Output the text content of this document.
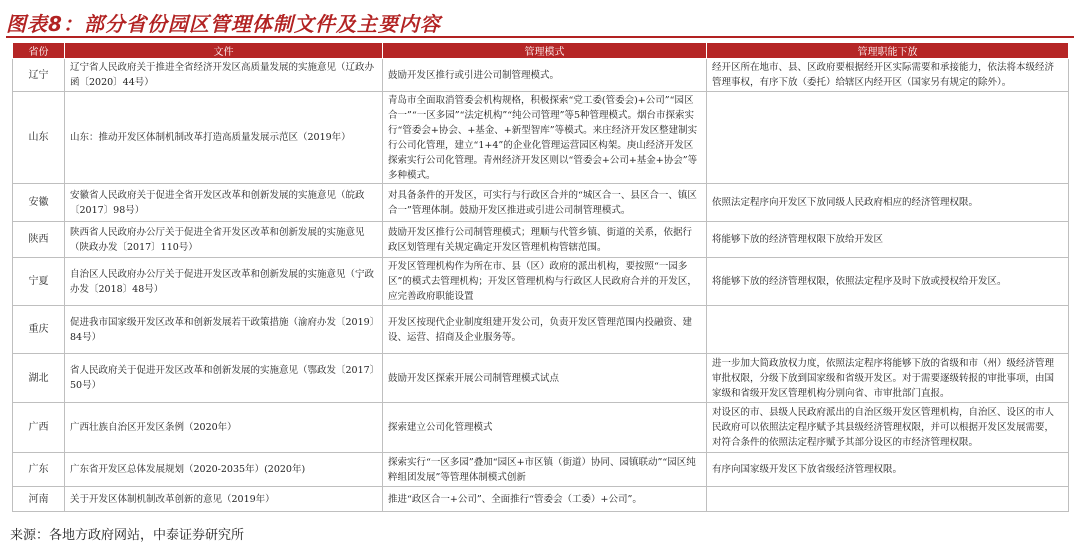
图表8：部分省份园区管理体制文件及主要内容
省份	文件	管理模式	管理职能下放
辽宁	辽宁省人民政府关于推进全省经济开发区高质量发展的实施意见（辽政办函〔2020〕44号）	鼓励开发区推行或引进公司制管理模式。	经开区所在地市、县、区政府要根据经开区实际需要和承接能力，依法将本级经济管理事权，有序下放（委托）给辖区内经开区（国家另有规定的除外）。
山东	山东：推动开发区体制机制改革打造高质量发展示范区（2019年）	青岛市全面取消管委会机构规格，积极探索“党工委(管委会)+公司”“园区合一”“一区多园”“法定机构”“纯公司管理”等5种管理模式。烟台市探索实行“管委会+协会、+基金、+新型智库”等模式。来庄经济开发区整建制实行公司化管理，建立“1+4”的企业化管理运营园区构架。庚山经济开发区探索实行公司化管理。青州经济开发区则以“管委会+公司+基金+协会”等多种模式。	
安徽	安徽省人民政府关于促进全省开发区改革和创新发展的实施意见（皖政〔2017〕98号）	对具备条件的开发区，可实行与行政区合并的“城区合一、县区合一、镇区合一”管理体制。鼓励开发区推进或引进公司制管理模式。	依照法定程序向开发区下放同级人民政府相应的经济管理权限。
陕西	陕西省人民政府办公厅关于促进全省开发区改革和创新发展的实施意见（陕政办发〔2017〕110号）	鼓励开发区推行公司制管理模式；理顺与代管乡镇、街道的关系，依据行政区划管理有关规定确定开发区管理机构管辖范围。	将能够下放的经济管理权限下放给开发区
宁夏	自治区人民政府办公厅关于促进开发区改革和创新发展的实施意见（宁政办发〔2018〕48号）	开发区管理机构作为所在市、县（区）政府的派出机构，要按照“一园多区”的模式去管理机构；开发区管理机构与行政区人民政府合并的开发区，应完善政府职能设置	将能够下放的经济管理权限，依照法定程序及时下放或授权给开发区。
重庆	促进我市国家级开发区改革和创新发展若干政策措施（渝府办发〔2019〕84号）	开发区按现代企业制度组建开发公司，负责开发区管理范围内投融资、建设、运营、招商及企业服务等。	
湖北	省人民政府关于促进开发区改革和创新发展的实施意见（鄂政发〔2017〕50号）	鼓励开发区探索开展公司制管理模式试点	进一步加大简政放权力度，依照法定程序将能够下放的省级和市（州）级经济管理审批权限，分级下放到国家级和省级开发区。对于需要逐级转报的审批事项，由国家级和省级开发区管理机构分别向省、市审批部门直报。
广西	广西壮族自治区开发区条例（2020年）	探索建立公司化管理模式	对设区的市、县级人民政府派出的自治区级开发区管理机构，自治区、设区的市人民政府可以依照法定程序赋予其县级经济管理权限，并可以根据开发区发展需要，对符合条件的依照法定程序赋予其部分设区的市经济管理权限。
广东	广东省开发区总体发展规划（2020-2035年）(2020年)	探索实行“一区多园”叠加“园区+市区镇（街道）协同、园镇联动”“园区纯粹组团发展”等管理体制模式创新	有序向国家级开发区下放省级经济管理权限。
河南	关于开发区体制机制改革创新的意见（2019年）	推进“政区合一+公司”、全面推行“管委会（工委）+公司”。	
来源：各地方政府网站，中泰证券研究所
